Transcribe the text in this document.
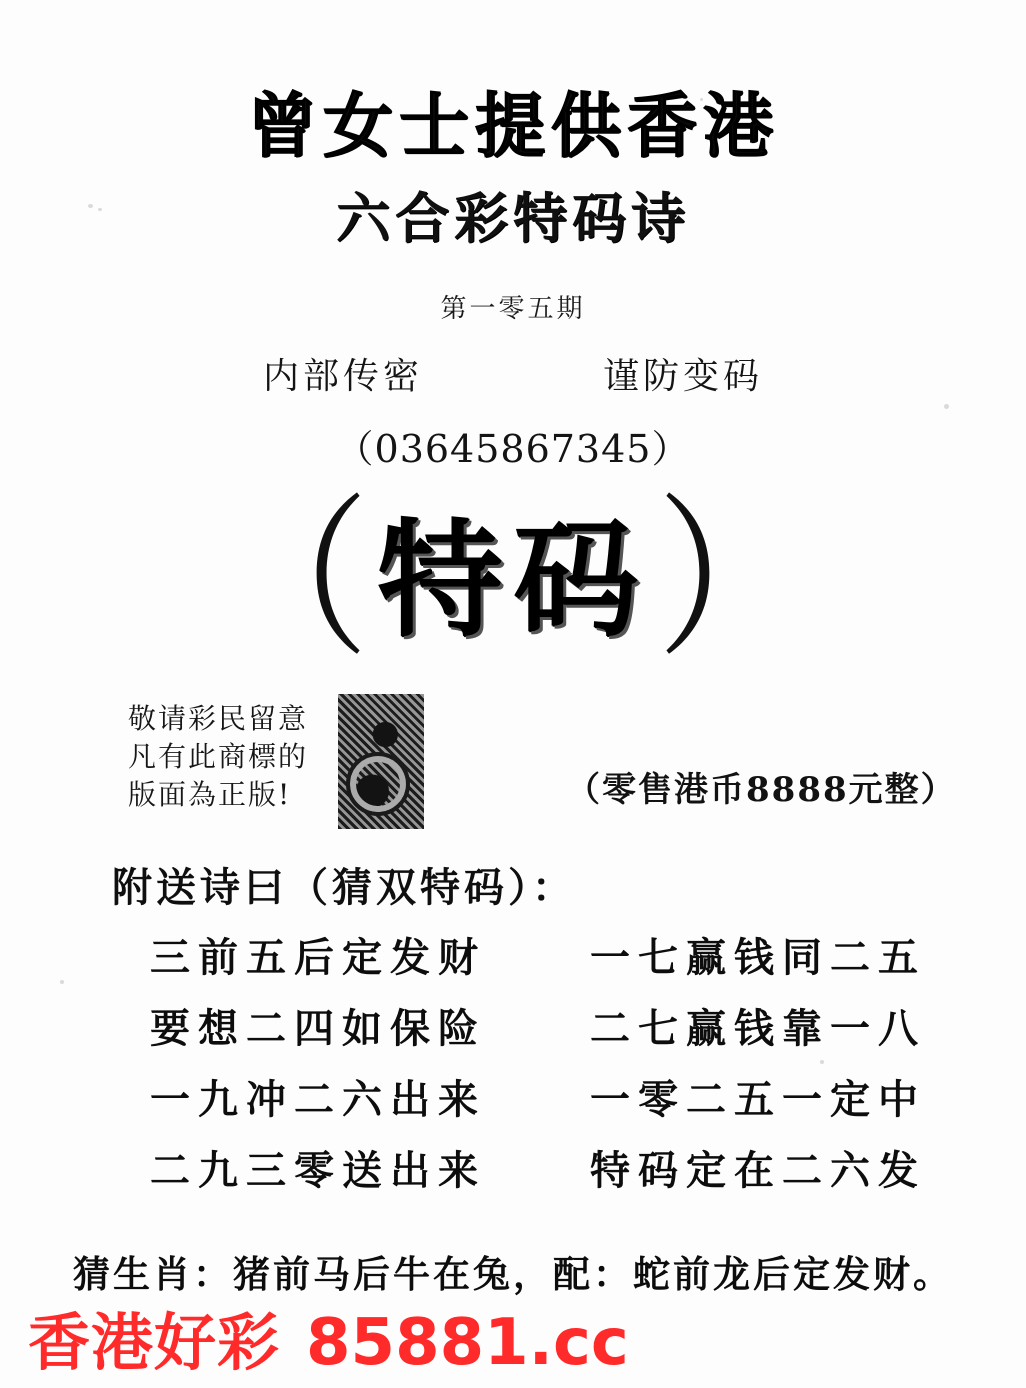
曾女士提供香港
六合彩特码诗
第一零五期
内部传密	谨防变码
（03645867345）
（特码）
敬请彩民留意
凡有此商標的
版面為正版!	（零售港币8888元整）
附送诗曰（猜双特码）：
三前五后定发财	一七赢钱同二五
要想二四如保险	二七赢钱靠一八
一九冲二六出来	一零二五一定中
二九三零送出来	特码定在二六发
猜生肖：猪前马后牛在兔，配：蛇前龙后定发财。
香港好彩 85881.cc
